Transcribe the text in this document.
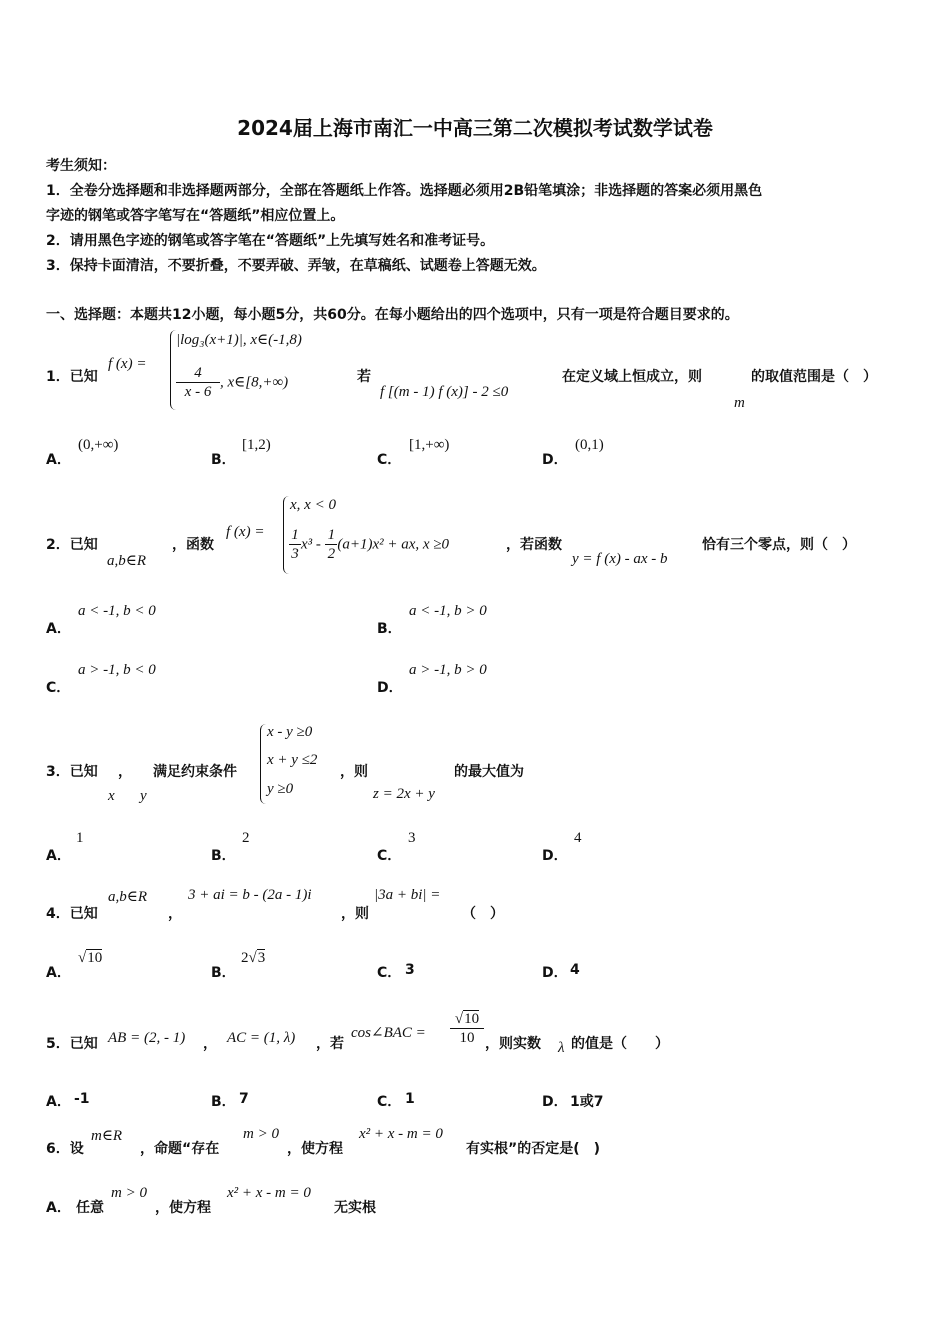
2024届上海市南汇一中高三第二次模拟考试数学试卷
考生须知：
1．全卷分选择题和非选择题两部分，全部在答题纸上作答。选择题必须用2B铅笔填涂；非选择题的答案必须用黑色
字迹的钢笔或答字笔写在“答题纸”相应位置上。
2．请用黑色字迹的钢笔或答字笔在“答题纸”上先填写姓名和准考证号。
3．保持卡面清洁，不要折叠，不要弄破、弄皱，在草稿纸、试题卷上答题无效。
一、选择题：本题共12小题，每小题5分，共60分。在每小题给出的四个选项中，只有一项是符合题目要求的。
1．已知
f (x) =
|log₃(x+1)|, x∈(-1,8)
$\frac{4}{x - 6}$ , x∈[8,+∞)	若
f [(m - 1) f (x)] - 2 ≤0
在定义域上恒成立，则
m
的取值范围是（　）
A．
(0,+∞)
B．
[1,2)
C．
[1,+∞)
D．
(0,1)
2．已知
a,b∈R
，函数
f (x) =
x, x < 0
$\frac{1}{3} x^3 - \frac{1}{2} (a+1)x^2$ + ax, x ≥0	，若函数
y = f (x) - ax - b
恰有三个零点，则（　）
A．
a < -1, b < 0
B．
a < -1, b > 0
C．
a > -1, b < 0
D．
a > -1, b > 0
3．已知
x
，
y
满足约束条件
x - y ≥0
x + y ≤2
y ≥0
，则
z = 2x + y
的最大值为
A．
1
B．
2
C．
3
D．
4
4．已知
a,b∈R
，
3 + ai = b - (2a - 1)i
，则
|3a + bi| =
（　）
A．
√10
B．
2√3
C． 3	D． 4
5．已知 AB = (2, - 1) ， AC = (1, λ) ，若
cos∠BAC = $\frac{√10}{10}$ ，则实数 λ 的值是（　　）
A． -1	B． 7	C． 1	D． 1或7
6．设
m∈R
，命题“存在
m > 0
，使方程
x² + x - m = 0
有实根”的否定是(　)
A． 任意
m > 0
，使方程
x² + x - m = 0
无实根
